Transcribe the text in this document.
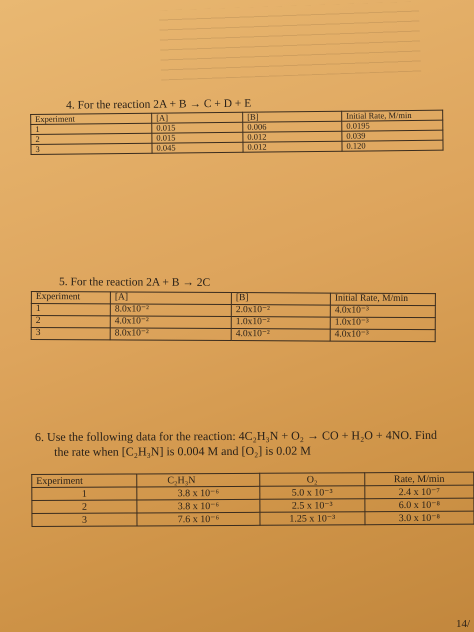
4. For the reaction 2A + B → C + D + E
Experiment	[A]	[B]	Initial Rate, M/min
1	0.015	0.006	0.0195
2	0.015	0.012	0.039
3	0.045	0.012	0.120
5. For the reaction 2A + B → 2C
Experiment	[A]	[B]	Initial Rate, M/min
1	8.0x10⁻²	2.0x10⁻²	4.0x10⁻³
2	4.0x10⁻²	1.0x10⁻²	1.0x10⁻³
3	8.0x10⁻²	4.0x10⁻²	4.0x10⁻³
6. Use the following data for the reaction: 4C₂H₃N + O₂ → CO + H₂O + 4NO. Find
the rate when [C₂H₃N] is 0.004 M and [O₂] is 0.02 M
Experiment	C₂H₃N	O₂	Rate, M/min
1	3.8 x 10⁻⁶	5.0 x 10⁻³	2.4 x 10⁻⁷
2	3.8 x 10⁻⁶	2.5 x 10⁻³	6.0 x 10⁻⁸
3	7.6 x 10⁻⁶	1.25 x 10⁻³	3.0 x 10⁻⁸
14/
